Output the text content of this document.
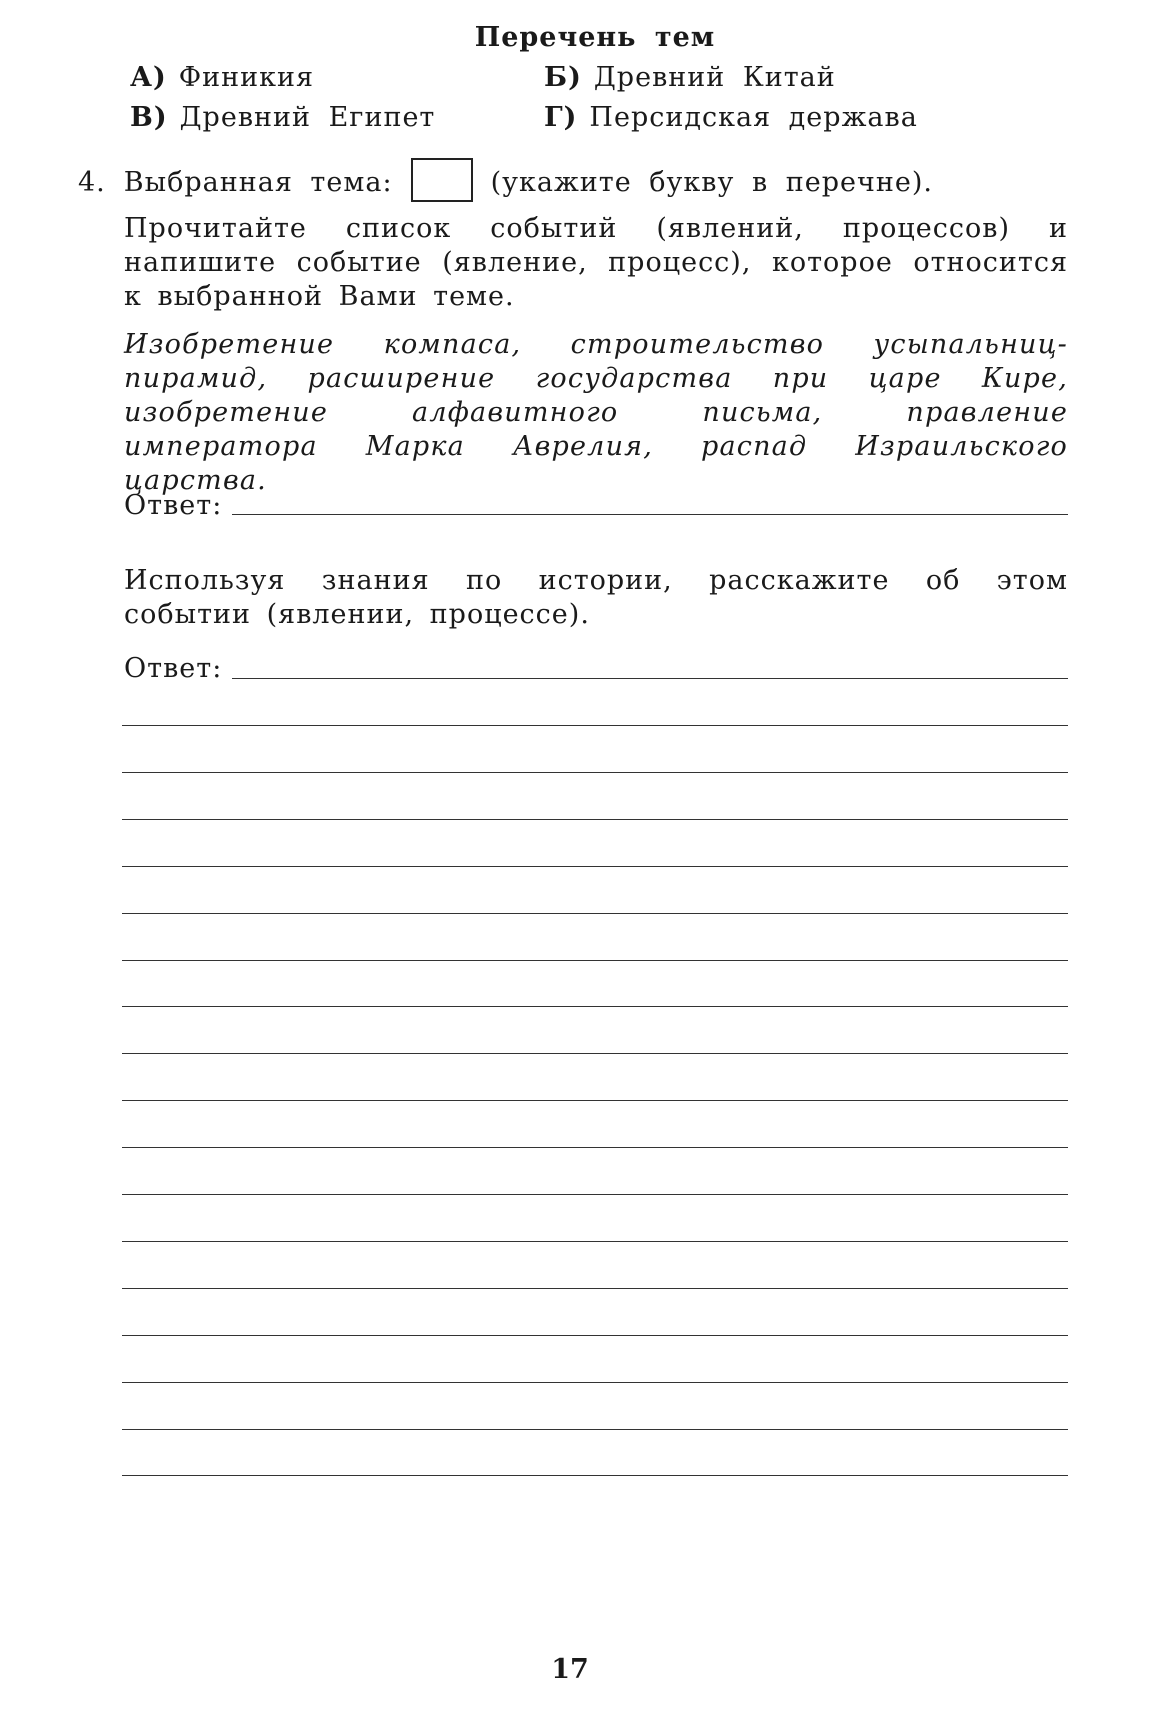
Перечень тем
А) Финикия	Б) Древний Китай
В) Древний Египет	Г) Персидская держава
4. Выбранная тема:	(укажите букву в перечне).
Прочитайте список событий (явлений, процессов) и напишите событие (явление, процесс), которое относится к выбранной Вами теме.
Изобретение компаса, строительство усыпальниц-пирамид, расширение государства при царе Кире, изобретение алфавитного письма, правление императора Марка Аврелия, распад Израильского царства.
Ответ:
Используя знания по истории, расскажите об этом событии (явлении, процессе).
Ответ:
17
